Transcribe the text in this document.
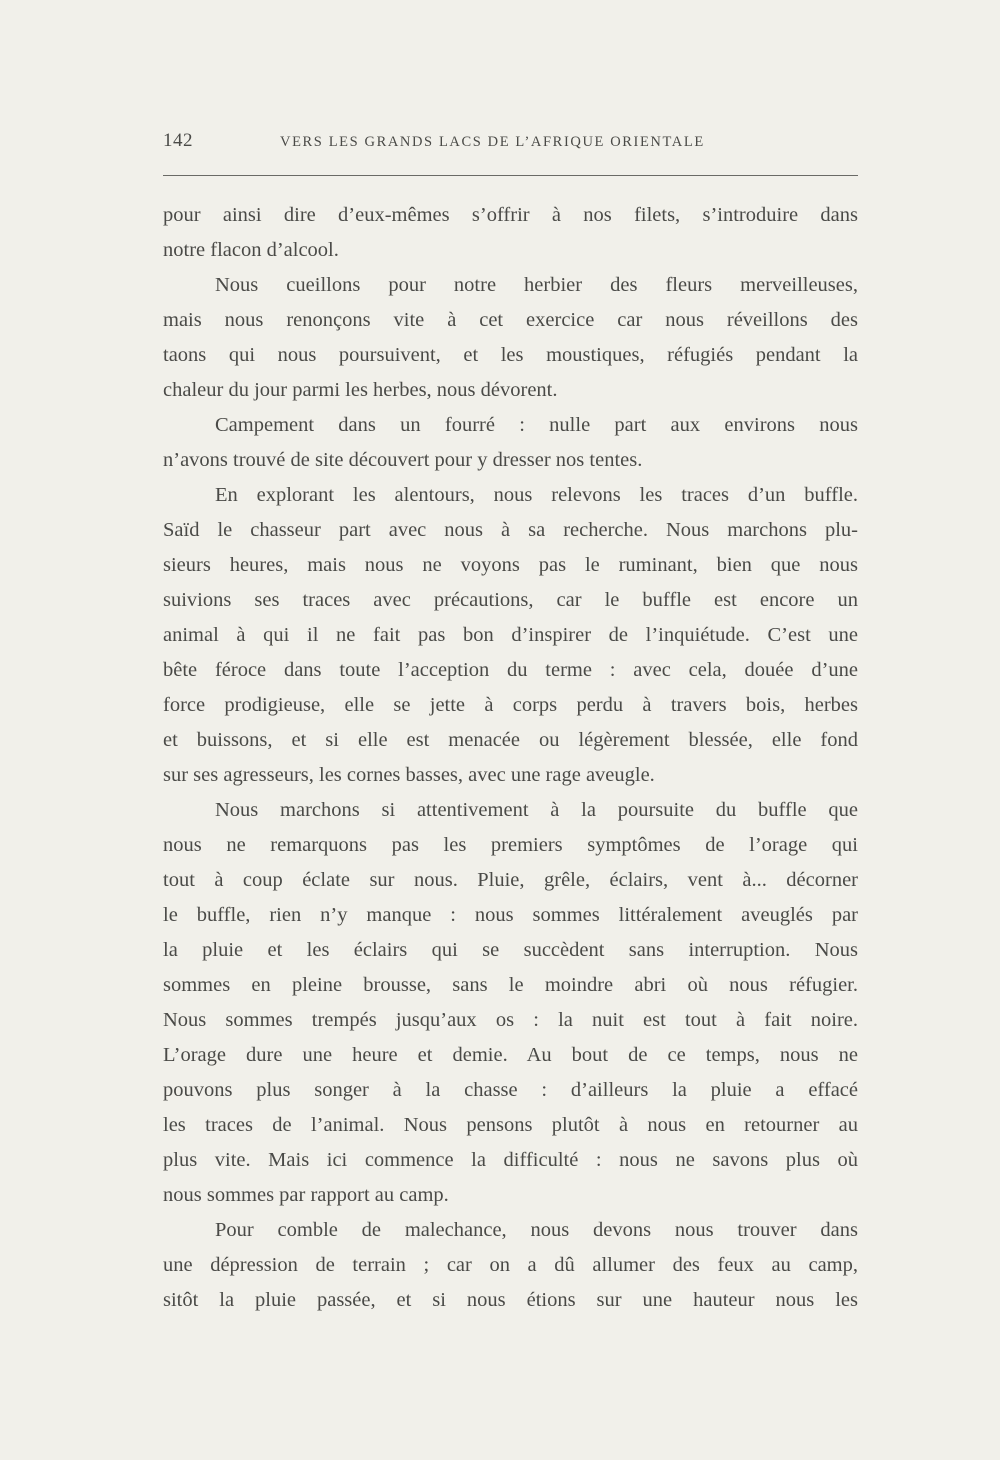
142	VERS LES GRANDS LACS DE L’AFRIQUE ORIENTALE
pour ainsi dire d’eux-mêmes s’offrir à nos filets, s’introduire dans
notre flacon d’alcool.
Nous cueillons pour notre herbier des fleurs merveilleuses,
mais nous renonçons vite à cet exercice car nous réveillons des
taons qui nous poursuivent, et les moustiques, réfugiés pendant la
chaleur du jour parmi les herbes, nous dévorent.
Campement dans un fourré : nulle part aux environs nous
n’avons trouvé de site découvert pour y dresser nos tentes.
En explorant les alentours, nous relevons les traces d’un buffle.
Saïd le chasseur part avec nous à sa recherche. Nous marchons plu-
sieurs heures, mais nous ne voyons pas le ruminant, bien que nous
suivions ses traces avec précautions, car le buffle est encore un
animal à qui il ne fait pas bon d’inspirer de l’inquiétude. C’est une
bête féroce dans toute l’acception du terme : avec cela, douée d’une
force prodigieuse, elle se jette à corps perdu à travers bois, herbes
et buissons, et si elle est menacée ou légèrement blessée, elle fond
sur ses agresseurs, les cornes basses, avec une rage aveugle.
Nous marchons si attentivement à la poursuite du buffle que
nous ne remarquons pas les premiers symptômes de l’orage qui
tout à coup éclate sur nous. Pluie, grêle, éclairs, vent à... décorner
le buffle, rien n’y manque : nous sommes littéralement aveuglés par
la pluie et les éclairs qui se succèdent sans interruption. Nous
sommes en pleine brousse, sans le moindre abri où nous réfugier.
Nous sommes trempés jusqu’aux os : la nuit est tout à fait noire.
L’orage dure une heure et demie. Au bout de ce temps, nous ne
pouvons plus songer à la chasse : d’ailleurs la pluie a effacé
les traces de l’animal. Nous pensons plutôt à nous en retourner au
plus vite. Mais ici commence la difficulté : nous ne savons plus où
nous sommes par rapport au camp.
Pour comble de malechance, nous devons nous trouver dans
une dépression de terrain ; car on a dû allumer des feux au camp,
sitôt la pluie passée, et si nous étions sur une hauteur nous les
